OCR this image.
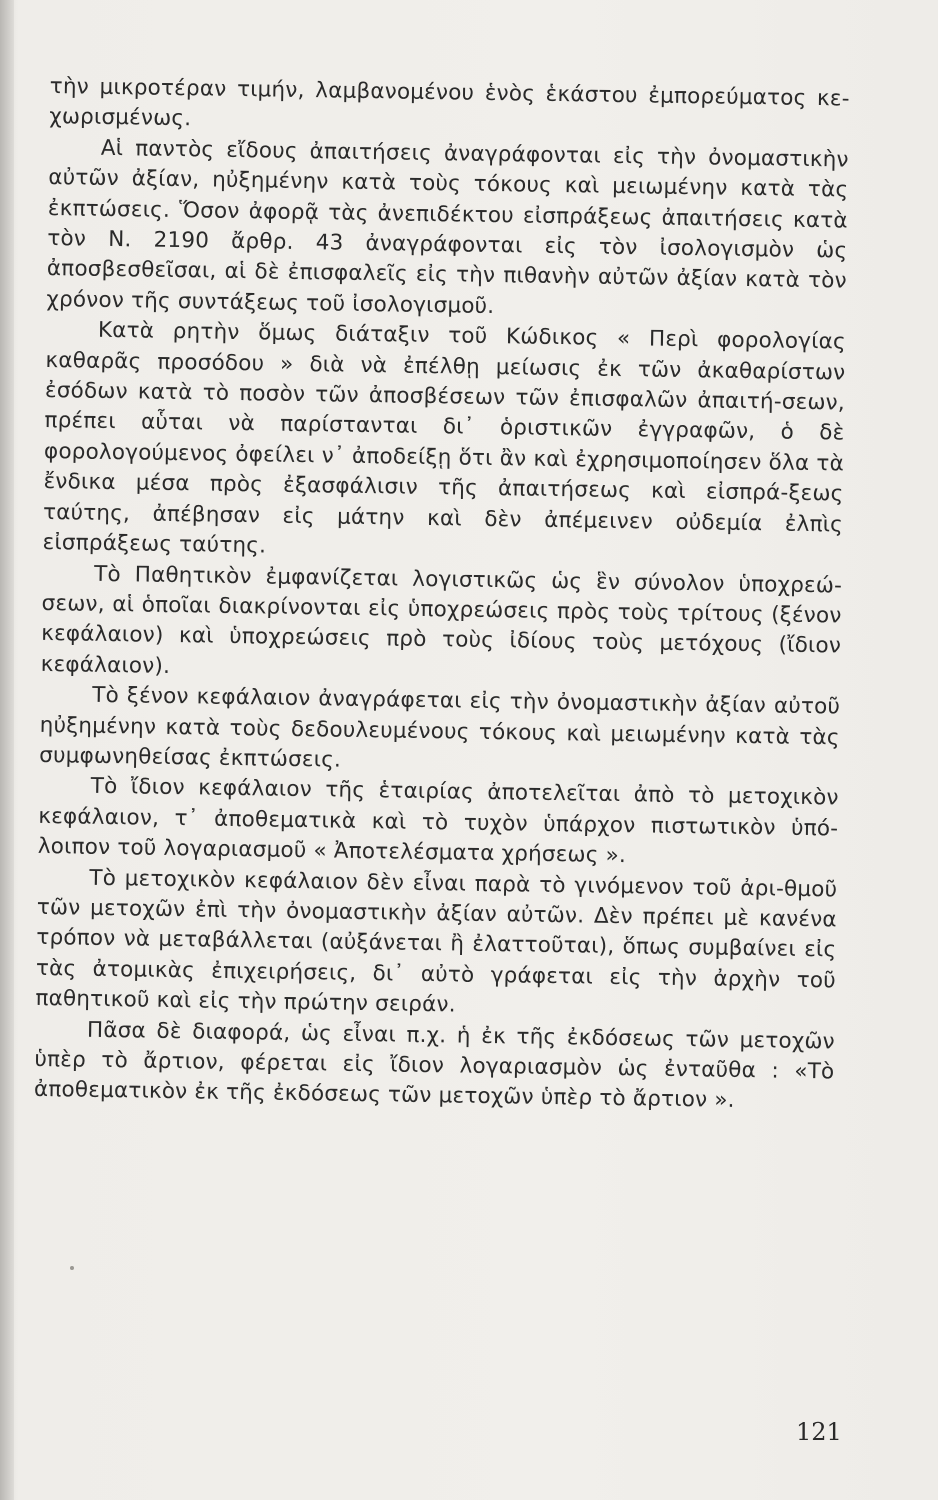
τὴν μικροτέραν τιμήν, λαμβανομένου ἑνὸς ἑκάστου ἐμπορεύματος κε-χωρισμένως.

Αἱ παντὸς εἴδους ἀπαιτήσεις ἀναγράφονται εἰς τὴν ὀνομαστικὴν αὐτῶν ἀξίαν, ηὐξημένην κατὰ τοὺς τόκους καὶ μειωμένην κατὰ τὰς ἐκπτώσεις. Ὅσον ἀφορᾷ τὰς ἀνεπιδέκτου εἰσπράξεως ἀπαιτήσεις κατὰ τὸν Ν. 2190 ἄρθρ. 43 ἀναγράφονται εἰς τὸν ἰσολογισμὸν ὡς ἀποσβεσθεῖσαι, αἱ δὲ ἐπισφαλεῖς εἰς τὴν πιθανὴν αὐτῶν ἀξίαν κατὰ τὸν χρόνον τῆς συντάξεως τοῦ ἰσολογισμοῦ.

Κατὰ ρητὴν ὅμως διάταξιν τοῦ Κώδικος « Περὶ φορολογίας καθαρᾶς προσόδου » διὰ νὰ ἐπέλθῃ μείωσις ἐκ τῶν ἀκαθαρίστων ἐσόδων κατὰ τὸ ποσὸν τῶν ἀποσβέσεων τῶν ἐπισφαλῶν ἀπαιτή-σεων, πρέπει αὗται νὰ παρίστανται δι᾽ ὁριστικῶν ἐγγραφῶν, ὁ δὲ φορολογούμενος ὀφείλει ν᾽ ἀποδείξῃ ὅτι ἂν καὶ ἐχρησιμοποίησεν ὅλα τὰ ἔνδικα μέσα πρὸς ἐξασφάλισιν τῆς ἀπαιτήσεως καὶ εἰσπρά-ξεως ταύτης, ἀπέβησαν εἰς μάτην καὶ δὲν ἀπέμεινεν οὐδεμία ἐλπὶς εἰσπράξεως ταύτης.

Τὸ Παθητικὸν ἐμφανίζεται λογιστικῶς ὡς ἓν σύνολον ὑποχρεώ-σεων, αἱ ὁποῖαι διακρίνονται εἰς ὑποχρεώσεις πρὸς τοὺς τρίτους (ξένον κεφάλαιον) καὶ ὑποχρεώσεις πρὸ τοὺς ἰδίους τοὺς μετόχους (ἴδιον κεφάλαιον).

Τὸ ξένον κεφάλαιον ἀναγράφεται εἰς τὴν ὀνομαστικὴν ἀξίαν αὐτοῦ ηὐξημένην κατὰ τοὺς δεδουλευμένους τόκους καὶ μειωμένην κατὰ τὰς συμφωνηθείσας ἐκπτώσεις.

Τὸ ἴδιον κεφάλαιον τῆς ἑταιρίας ἀποτελεῖται ἀπὸ τὸ μετοχικὸν κεφάλαιον, τ᾽ ἀποθεματικὰ καὶ τὸ τυχὸν ὑπάρχον πιστωτικὸν ὑπό-λοιπον τοῦ λογαριασμοῦ « Ἀποτελέσματα χρήσεως ».

Τὸ μετοχικὸν κεφάλαιον δὲν εἶναι παρὰ τὸ γινόμενον τοῦ ἀρι-θμοῦ τῶν μετοχῶν ἐπὶ τὴν ὀνομαστικὴν ἀξίαν αὐτῶν. Δὲν πρέπει μὲ κανένα τρόπον νὰ μεταβάλλεται (αὐξάνεται ἢ ἐλαττοῦται), ὅπως συμβαίνει εἰς τὰς ἀτομικὰς ἐπιχειρήσεις, δι᾽ αὐτὸ γράφεται εἰς τὴν ἀρχὴν τοῦ παθητικοῦ καὶ εἰς τὴν πρώτην σειράν.

Πᾶσα δὲ διαφορά, ὡς εἶναι π.χ. ἡ ἐκ τῆς ἐκδόσεως τῶν μετοχῶν ὑπὲρ τὸ ἄρτιον, φέρεται εἰς ἴδιον λογαριασμὸν ὡς ἐνταῦθα : «Τὸ ἀποθεματικὸν ἐκ τῆς ἐκδόσεως τῶν μετοχῶν ὑπὲρ τὸ ἄρτιον ».

121
